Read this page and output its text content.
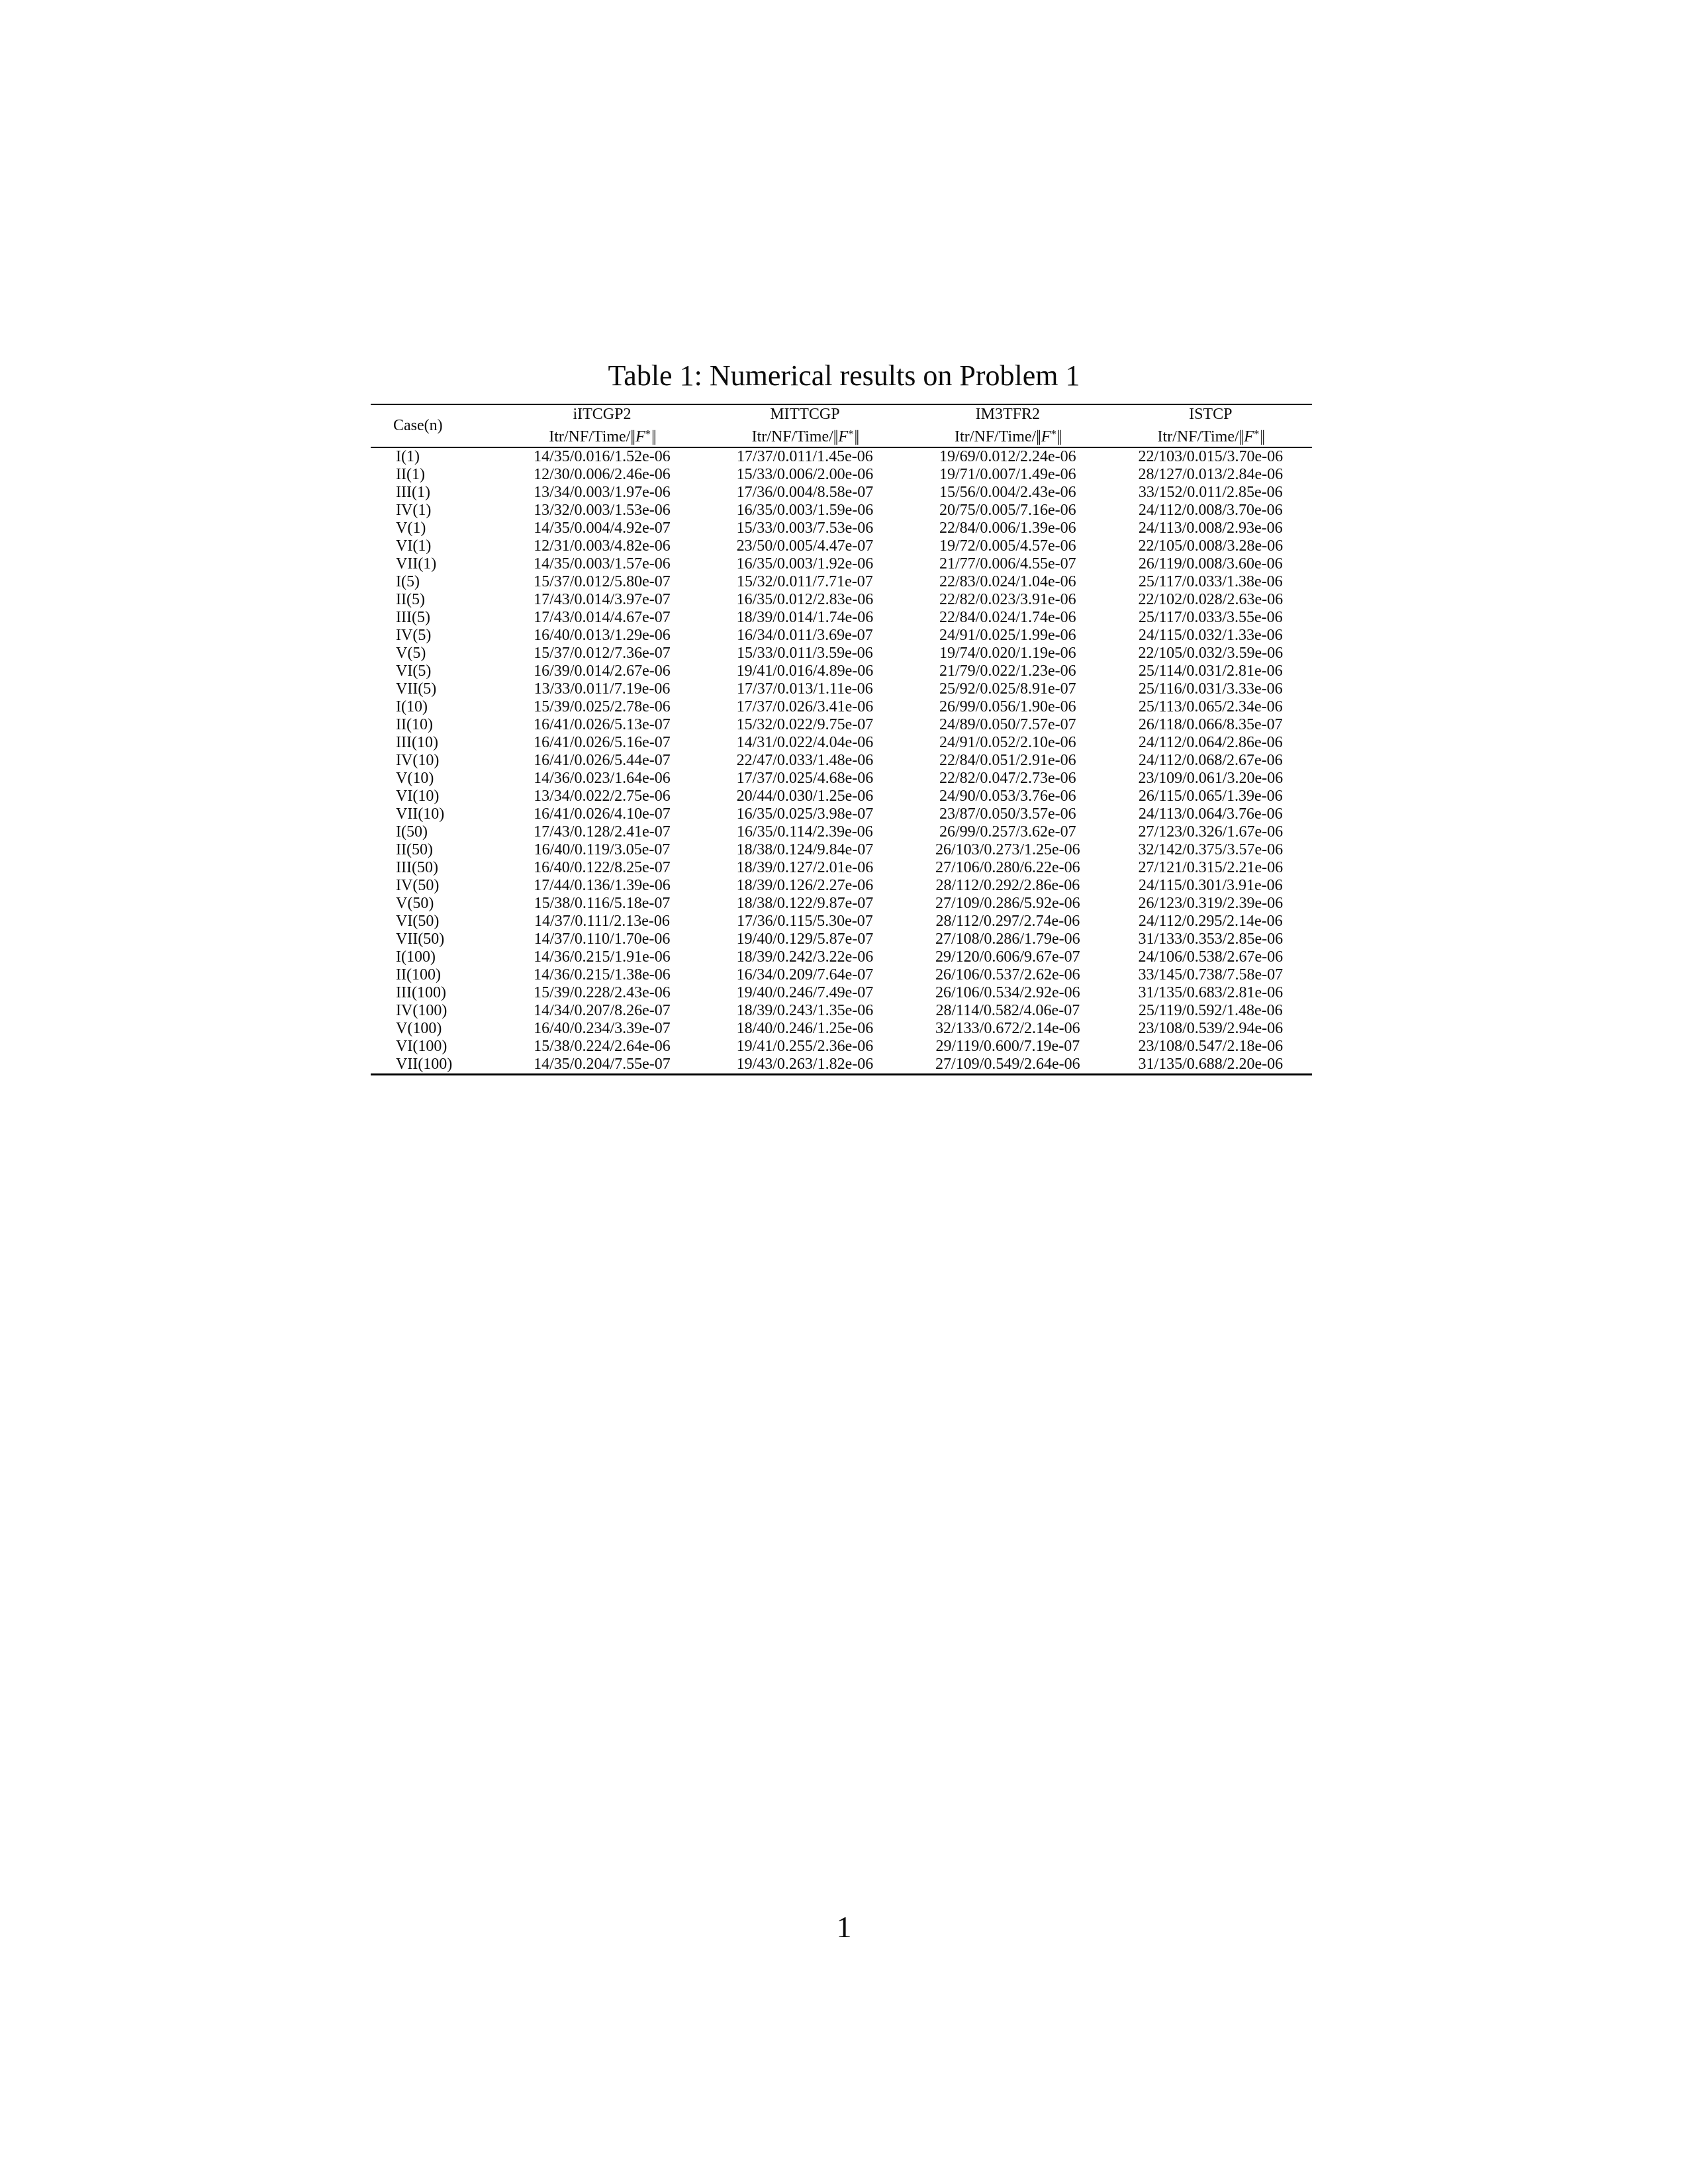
Table 1: Numerical results on Problem 1
Case(n)	iITCGP2	MITTCGP	IM3TFR2	ISTCP
	Itr/NF/Time/||F*||	Itr/NF/Time/||F*||	Itr/NF/Time/||F*||	Itr/NF/Time/||F*||
I(1)	14/35/0.016/1.52e-06	17/37/0.011/1.45e-06	19/69/0.012/2.24e-06	22/103/0.015/3.70e-06
II(1)	12/30/0.006/2.46e-06	15/33/0.006/2.00e-06	19/71/0.007/1.49e-06	28/127/0.013/2.84e-06
III(1)	13/34/0.003/1.97e-06	17/36/0.004/8.58e-07	15/56/0.004/2.43e-06	33/152/0.011/2.85e-06
IV(1)	13/32/0.003/1.53e-06	16/35/0.003/1.59e-06	20/75/0.005/7.16e-06	24/112/0.008/3.70e-06
V(1)	14/35/0.004/4.92e-07	15/33/0.003/7.53e-06	22/84/0.006/1.39e-06	24/113/0.008/2.93e-06
VI(1)	12/31/0.003/4.82e-06	23/50/0.005/4.47e-07	19/72/0.005/4.57e-06	22/105/0.008/3.28e-06
VII(1)	14/35/0.003/1.57e-06	16/35/0.003/1.92e-06	21/77/0.006/4.55e-07	26/119/0.008/3.60e-06
I(5)	15/37/0.012/5.80e-07	15/32/0.011/7.71e-07	22/83/0.024/1.04e-06	25/117/0.033/1.38e-06
II(5)	17/43/0.014/3.97e-07	16/35/0.012/2.83e-06	22/82/0.023/3.91e-06	22/102/0.028/2.63e-06
III(5)	17/43/0.014/4.67e-07	18/39/0.014/1.74e-06	22/84/0.024/1.74e-06	25/117/0.033/3.55e-06
IV(5)	16/40/0.013/1.29e-06	16/34/0.011/3.69e-07	24/91/0.025/1.99e-06	24/115/0.032/1.33e-06
V(5)	15/37/0.012/7.36e-07	15/33/0.011/3.59e-06	19/74/0.020/1.19e-06	22/105/0.032/3.59e-06
VI(5)	16/39/0.014/2.67e-06	19/41/0.016/4.89e-06	21/79/0.022/1.23e-06	25/114/0.031/2.81e-06
VII(5)	13/33/0.011/7.19e-06	17/37/0.013/1.11e-06	25/92/0.025/8.91e-07	25/116/0.031/3.33e-06
I(10)	15/39/0.025/2.78e-06	17/37/0.026/3.41e-06	26/99/0.056/1.90e-06	25/113/0.065/2.34e-06
II(10)	16/41/0.026/5.13e-07	15/32/0.022/9.75e-07	24/89/0.050/7.57e-07	26/118/0.066/8.35e-07
III(10)	16/41/0.026/5.16e-07	14/31/0.022/4.04e-06	24/91/0.052/2.10e-06	24/112/0.064/2.86e-06
IV(10)	16/41/0.026/5.44e-07	22/47/0.033/1.48e-06	22/84/0.051/2.91e-06	24/112/0.068/2.67e-06
V(10)	14/36/0.023/1.64e-06	17/37/0.025/4.68e-06	22/82/0.047/2.73e-06	23/109/0.061/3.20e-06
VI(10)	13/34/0.022/2.75e-06	20/44/0.030/1.25e-06	24/90/0.053/3.76e-06	26/115/0.065/1.39e-06
VII(10)	16/41/0.026/4.10e-07	16/35/0.025/3.98e-07	23/87/0.050/3.57e-06	24/113/0.064/3.76e-06
I(50)	17/43/0.128/2.41e-07	16/35/0.114/2.39e-06	26/99/0.257/3.62e-07	27/123/0.326/1.67e-06
II(50)	16/40/0.119/3.05e-07	18/38/0.124/9.84e-07	26/103/0.273/1.25e-06	32/142/0.375/3.57e-06
III(50)	16/40/0.122/8.25e-07	18/39/0.127/2.01e-06	27/106/0.280/6.22e-06	27/121/0.315/2.21e-06
IV(50)	17/44/0.136/1.39e-06	18/39/0.126/2.27e-06	28/112/0.292/2.86e-06	24/115/0.301/3.91e-06
V(50)	15/38/0.116/5.18e-07	18/38/0.122/9.87e-07	27/109/0.286/5.92e-06	26/123/0.319/2.39e-06
VI(50)	14/37/0.111/2.13e-06	17/36/0.115/5.30e-07	28/112/0.297/2.74e-06	24/112/0.295/2.14e-06
VII(50)	14/37/0.110/1.70e-06	19/40/0.129/5.87e-07	27/108/0.286/1.79e-06	31/133/0.353/2.85e-06
I(100)	14/36/0.215/1.91e-06	18/39/0.242/3.22e-06	29/120/0.606/9.67e-07	24/106/0.538/2.67e-06
II(100)	14/36/0.215/1.38e-06	16/34/0.209/7.64e-07	26/106/0.537/2.62e-06	33/145/0.738/7.58e-07
III(100)	15/39/0.228/2.43e-06	19/40/0.246/7.49e-07	26/106/0.534/2.92e-06	31/135/0.683/2.81e-06
IV(100)	14/34/0.207/8.26e-07	18/39/0.243/1.35e-06	28/114/0.582/4.06e-07	25/119/0.592/1.48e-06
V(100)	16/40/0.234/3.39e-07	18/40/0.246/1.25e-06	32/133/0.672/2.14e-06	23/108/0.539/2.94e-06
VI(100)	15/38/0.224/2.64e-06	19/41/0.255/2.36e-06	29/119/0.600/7.19e-07	23/108/0.547/2.18e-06
VII(100)	14/35/0.204/7.55e-07	19/43/0.263/1.82e-06	27/109/0.549/2.64e-06	31/135/0.688/2.20e-06
1
